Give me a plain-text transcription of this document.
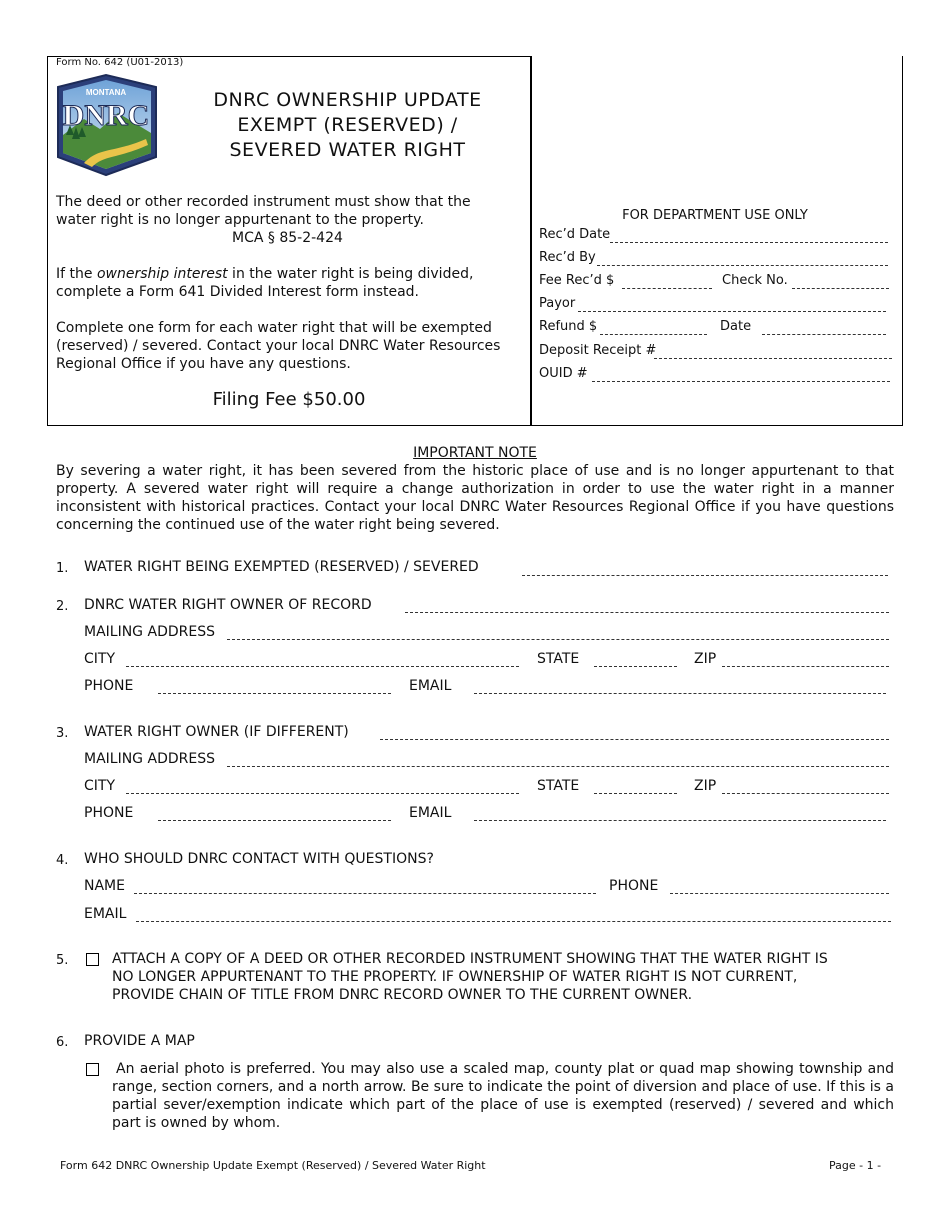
Form No. 642 (U01-2013)
MONTANA
DNRC	DNRC OWNERSHIP UPDATE
EXEMPT (RESERVED) /
SEVERED WATER RIGHT
The deed or other recorded instrument must show that the
water right is no longer appurtenant to the property.
MCA § 85-2-424
If the ownership interest in the water right is being divided,
complete a Form 641 Divided Interest form instead.
Complete one form for each water right that will be exempted
(reserved) / severed. Contact your local DNRC Water Resources
Regional Office if you have any questions.
Filing Fee $50.00
FOR DEPARTMENT USE ONLY
Rec’d Date
Rec’d By
Fee Rec’d $	Check No.
Payor
Refund $	Date
Deposit Receipt #
OUID #
IMPORTANT NOTE
By severing a water right, it has been severed from the historic place of use and is no longer appurtenant to that property. A severed water right will require a change authorization in order to use the water right in a manner inconsistent with historical practices. Contact your local DNRC Water Resources Regional Office if you have questions concerning the continued use of the water right being severed.
1. WATER RIGHT BEING EXEMPTED (RESERVED) / SEVERED
2. DNRC WATER RIGHT OWNER OF RECORD
MAILING ADDRESS
CITY	STATE	ZIP
PHONE	EMAIL
3. WATER RIGHT OWNER (IF DIFFERENT)
MAILING ADDRESS
CITY	STATE	ZIP
PHONE	EMAIL
4. WHO SHOULD DNRC CONTACT WITH QUESTIONS?
NAME	PHONE
EMAIL
5.	ATTACH A COPY OF A DEED OR OTHER RECORDED INSTRUMENT SHOWING THAT THE WATER RIGHT IS
NO LONGER APPURTENANT TO THE PROPERTY. IF OWNERSHIP OF WATER RIGHT IS NOT CURRENT,
PROVIDE CHAIN OF TITLE FROM DNRC RECORD OWNER TO THE CURRENT OWNER.
6. PROVIDE A MAP
An aerial photo is preferred. You may also use a scaled map, county plat or quad map showing township and range, section corners, and a north arrow. Be sure to indicate the point of diversion and place of use. If this is a partial sever/exemption indicate which part of the place of use is exempted (reserved) / severed and which part is owned by whom.
Form 642 DNRC Ownership Update Exempt (Reserved) / Severed Water Right	Page - 1 -
